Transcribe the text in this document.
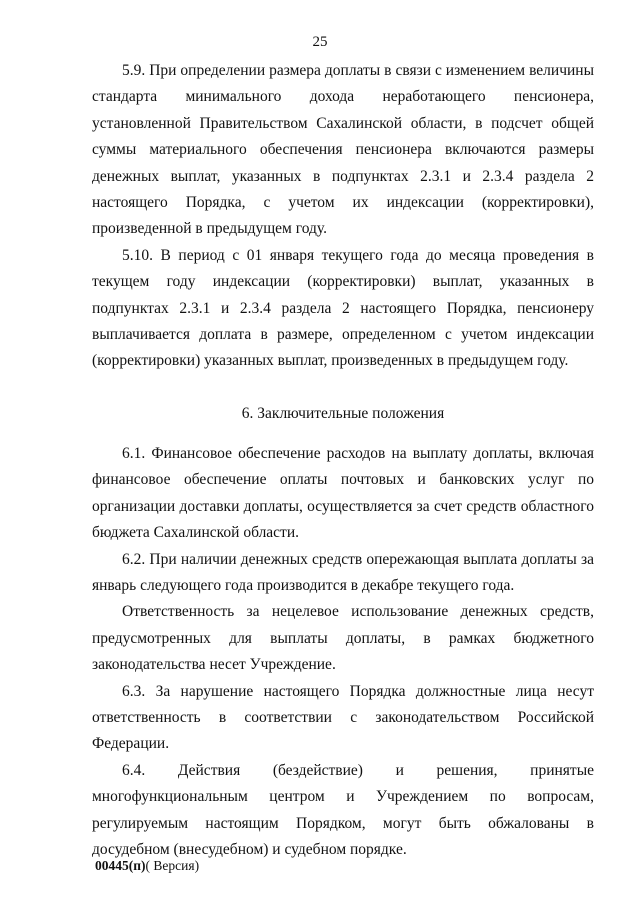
25

5.9. При определении размера доплаты в связи с изменением величины стандарта минимального дохода неработающего пенсионера, установленной Правительством Сахалинской области, в подсчет общей суммы материального обеспечения пенсионера включаются размеры денежных выплат, указанных в подпунктах 2.3.1 и 2.3.4 раздела 2 настоящего Порядка, с учетом их индексации (корректировки), произведенной в предыдущем году.

5.10. В период с 01 января текущего года до месяца проведения в текущем году индексации (корректировки) выплат, указанных в подпунктах 2.3.1 и 2.3.4 раздела 2 настоящего Порядка, пенсионеру выплачивается доплата в размере, определенном с учетом индексации (корректировки) указанных выплат, произведенных в предыдущем году.

6. Заключительные положения

6.1. Финансовое обеспечение расходов на выплату доплаты, включая финансовое обеспечение оплаты почтовых и банковских услуг по организации доставки доплаты, осуществляется за счет средств областного бюджета Сахалинской области.

6.2. При наличии денежных средств опережающая выплата доплаты за январь следующего года производится в декабре текущего года.

Ответственность за нецелевое использование денежных средств, предусмотренных для выплаты доплаты, в рамках бюджетного законодательства несет Учреждение.

6.3. За нарушение настоящего Порядка должностные лица несут ответственность в соответствии с законодательством Российской Федерации.

6.4. Действия (бездействие) и решения, принятые многофункциональным центром и Учреждением по вопросам, регулируемым настоящим Порядком, могут быть обжалованы в досудебном (внесудебном) и судебном порядке.

00445(п)( Версия)
